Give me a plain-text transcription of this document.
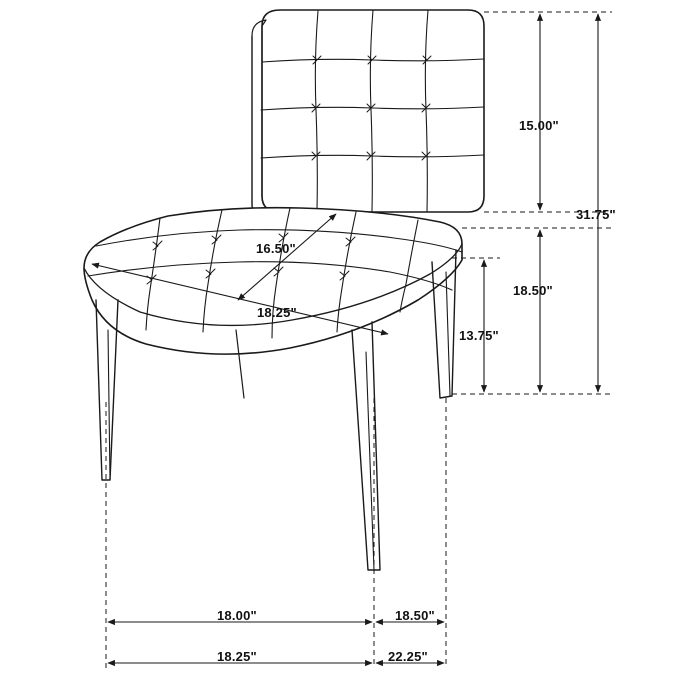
15.00"
31.75"
16.50"
18.25"
18.50"
13.75"
18.00"	18.50"
18.25"	22.25"
